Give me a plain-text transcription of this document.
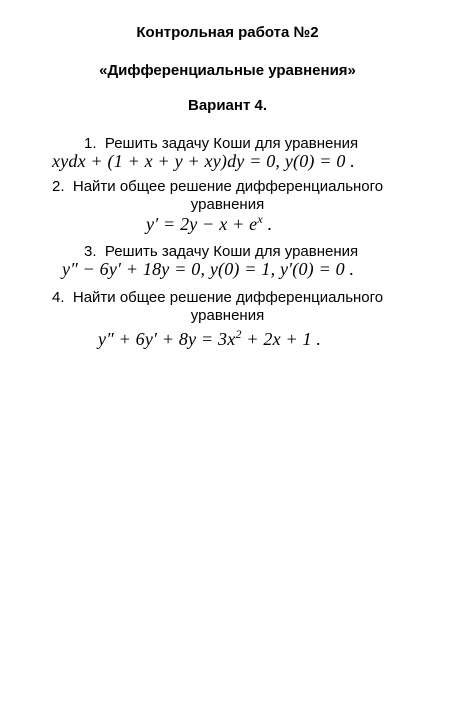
Контрольная работа №2
«Дифференциальные уравнения»
Вариант 4.
1. Решить задачу Коши для уравнения
xydx + (1 + x + y + xy)dy = 0, y(0) = 0 .
2. Найти общее решение дифференциального
уравнения
$y' = 2y - x + e^x$ .
3. Решить задачу Коши для уравнения
y″ − 6y′ + 18y = 0, y(0) = 1, y′(0) = 0 .
4. Найти общее решение дифференциального
уравнения
$y'' + 6y' + 8y = 3x^2 + 2x + 1$ .
